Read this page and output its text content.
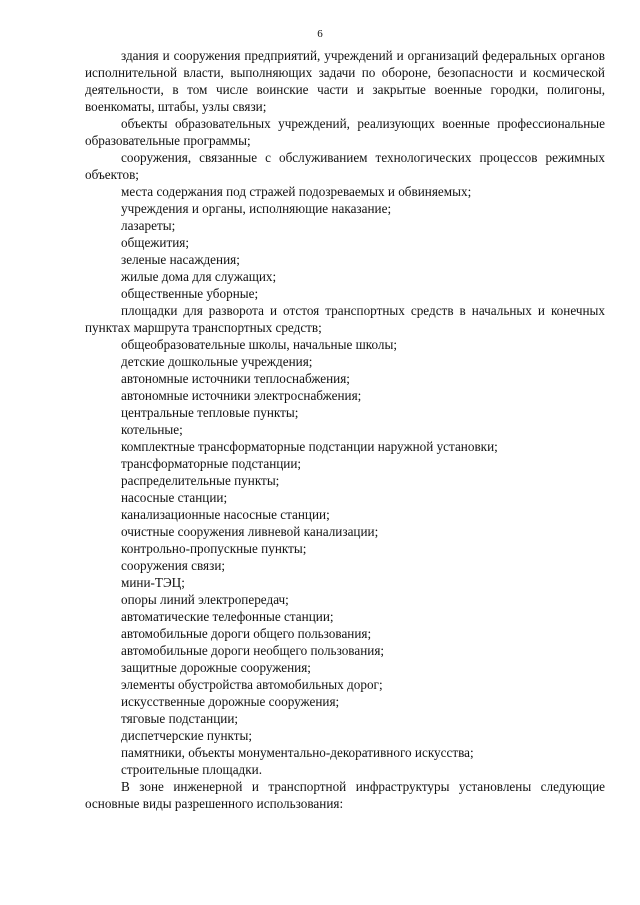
6

здания и сооружения предприятий, учреждений и организаций федеральных органов исполнительной власти, выполняющих задачи по обороне, безопасности и космической деятельности, в том числе воинские части и закрытые военные городки, полигоны, военкоматы, штабы, узлы связи;

объекты образовательных учреждений, реализующих военные профессиональные образовательные программы;

сооружения, связанные с обслуживанием технологических процессов режимных объектов;

места содержания под стражей подозреваемых и обвиняемых;

учреждения и органы, исполняющие наказание;

лазареты;

общежития;

зеленые насаждения;

жилые дома для служащих;

общественные уборные;

площадки для разворота и отстоя транспортных средств в начальных и конечных пунктах маршрута транспортных средств;

общеобразовательные школы, начальные школы;

детские дошкольные учреждения;

автономные источники теплоснабжения;

автономные источники электроснабжения;

центральные тепловые пункты;

котельные;

комплектные трансформаторные подстанции наружной установки;

трансформаторные подстанции;

распределительные пункты;

насосные станции;

канализационные насосные станции;

очистные сооружения ливневой канализации;

контрольно-пропускные пункты;

сооружения связи;

мини-ТЭЦ;

опоры линий электропередач;

автоматические телефонные станции;

автомобильные дороги общего пользования;

автомобильные дороги необщего пользования;

защитные дорожные сооружения;

элементы обустройства автомобильных дорог;

искусственные дорожные сооружения;

тяговые подстанции;

диспетчерские пункты;

памятники, объекты монументально-декоративного искусства;

строительные площадки.

В зоне инженерной и транспортной инфраструктуры установлены следующие основные виды разрешенного использования:
